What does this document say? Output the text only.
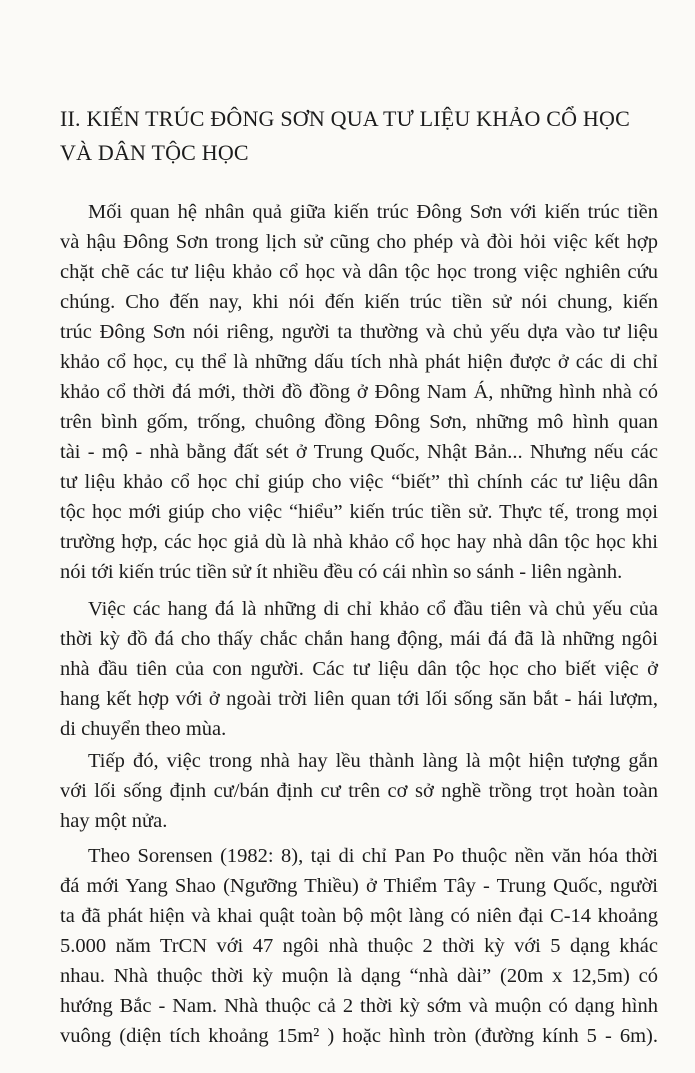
II. KIẾN TRÚC ĐÔNG SƠN QUA TƯ LIỆU KHẢO CỔ HỌC
VÀ DÂN TỘC HỌC
Mối quan hệ nhân quả giữa kiến trúc Đông Sơn với kiến trúc tiền
và hậu Đông Sơn trong lịch sử cũng cho phép và đòi hỏi việc kết hợp
chặt chẽ các tư liệu khảo cổ học và dân tộc học trong việc nghiên cứu
chúng. Cho đến nay, khi nói đến kiến trúc tiền sử nói chung, kiến
trúc Đông Sơn nói riêng, người ta thường và chủ yếu dựa vào tư liệu
khảo cổ học, cụ thể là những dấu tích nhà phát hiện được ở các di chỉ
khảo cổ thời đá mới, thời đồ đồng ở Đông Nam Á, những hình nhà có
trên bình gốm, trống, chuông đồng Đông Sơn, những mô hình quan
tài - mộ - nhà bằng đất sét ở Trung Quốc, Nhật Bản... Nhưng nếu các
tư liệu khảo cổ học chỉ giúp cho việc “biết” thì chính các tư liệu dân
tộc học mới giúp cho việc “hiểu” kiến trúc tiền sử. Thực tế, trong mọi
trường hợp, các học giả dù là nhà khảo cổ học hay nhà dân tộc học khi
nói tới kiến trúc tiền sử ít nhiều đều có cái nhìn so sánh - liên ngành.
Việc các hang đá là những di chỉ khảo cổ đầu tiên và chủ yếu của
thời kỳ đồ đá cho thấy chắc chắn hang động, mái đá đã là những ngôi
nhà đầu tiên của con người. Các tư liệu dân tộc học cho biết việc ở
hang kết hợp với ở ngoài trời liên quan tới lối sống săn bắt - hái lượm,
di chuyển theo mùa.
Tiếp đó, việc trong nhà hay lều thành làng là một hiện tượng gắn
với lối sống định cư/bán định cư trên cơ sở nghề trồng trọt hoàn toàn
hay một nửa.
Theo Sorensen (1982: 8), tại di chỉ Pan Po thuộc nền văn hóa thời
đá mới Yang Shao (Ngưỡng Thiều) ở Thiểm Tây - Trung Quốc, người
ta đã phát hiện và khai quật toàn bộ một làng có niên đại C-14 khoảng
5.000 năm TrCN với 47 ngôi nhà thuộc 2 thời kỳ với 5 dạng khác
nhau. Nhà thuộc thời kỳ muộn là dạng “nhà dài” (20m x 12,5m) có
hướng Bắc - Nam. Nhà thuộc cả 2 thời kỳ sớm và muộn có dạng hình
vuông (diện tích khoảng 15m² ) hoặc hình tròn (đường kính 5 - 6m).
